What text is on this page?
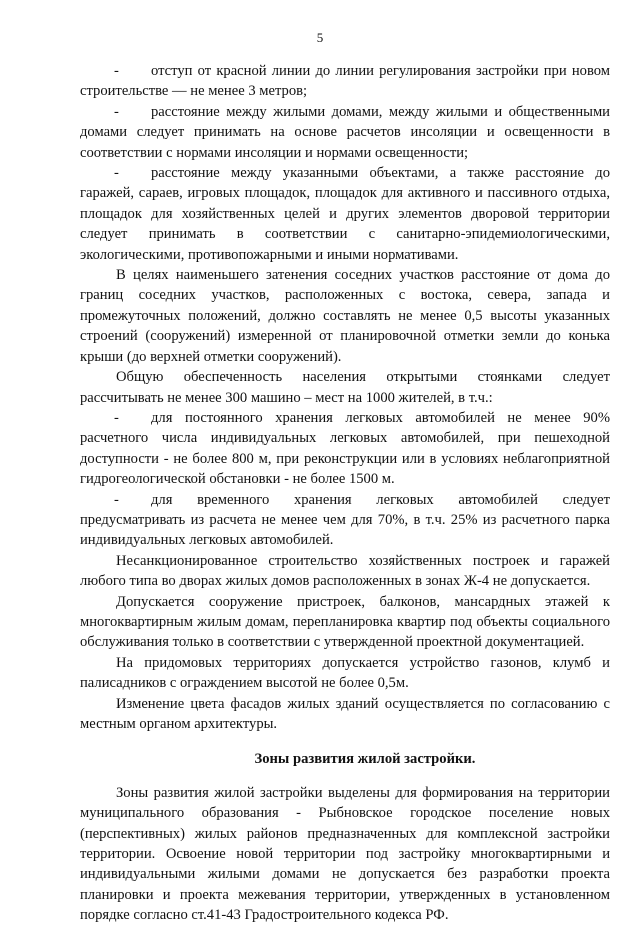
5

- отступ от красной линии до линии регулирования застройки при новом строительстве — не менее 3 метров;

- расстояние между жилыми домами, между жилыми и общественными домами следует принимать на основе расчетов инсоляции и освещенности в соответствии с нормами инсоляции и нормами освещенности;

- расстояние между указанными объектами, а также расстояние до гаражей, сараев, игровых площадок, площадок для активного и пассивного отдыха, площадок для хозяйственных целей и других элементов дворовой территории следует принимать в соответствии с санитарно-эпидемиологическими, экологическими, противопожарными и иными нормативами.

В целях наименьшего затенения соседних участков расстояние от дома до границ соседних участков, расположенных с востока, севера, запада и промежуточных положений, должно составлять не менее 0,5 высоты указанных строений (сооружений) измеренной от планировочной отметки земли до конька крыши (до верхней отметки сооружений).

Общую обеспеченность населения открытыми стоянками следует рассчитывать не менее 300 машино – мест на 1000 жителей, в т.ч.:

- для постоянного хранения легковых автомобилей не менее 90% расчетного числа индивидуальных легковых автомобилей, при пешеходной доступности - не более 800 м, при реконструкции или в условиях неблагоприятной гидрогеологической обстановки - не более 1500 м.

- для временного хранения легковых автомобилей следует предусматривать из расчета не менее чем для 70%, в т.ч. 25% из расчетного парка индивидуальных легковых автомобилей.

Несанкционированное строительство хозяйственных построек и гаражей любого типа во дворах жилых домов расположенных в зонах Ж-4 не допускается.

Допускается сооружение пристроек, балконов, мансардных этажей к многоквартирным жилым домам, перепланировка квартир под объекты социального обслуживания только в соответствии с утвержденной проектной документацией.

На придомовых территориях допускается устройство газонов, клумб и палисадников с ограждением высотой не более 0,5м.

Изменение цвета фасадов жилых зданий осуществляется по согласованию с местным органом архитектуры.

Зоны развития жилой застройки.

Зоны развития жилой застройки выделены для формирования на территории муниципального образования - Рыбновское городское поселение новых (перспективных) жилых районов предназначенных для комплексной застройки территории. Освоение новой территории под застройку многоквартирными и индивидуальными жилыми домами не допускается без разработки проекта планировки и проекта межевания территории, утвержденных в установленном порядке согласно ст.41-43 Градостроительного кодекса РФ.
